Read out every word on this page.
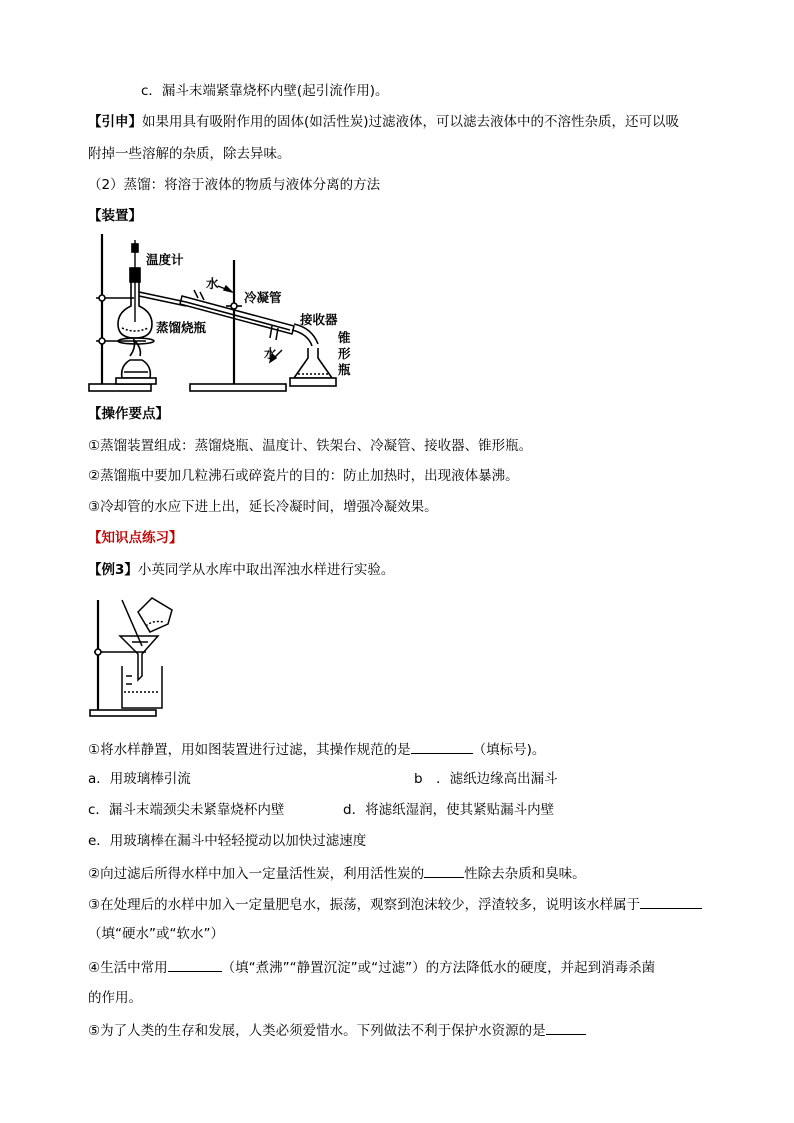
c．漏斗末端紧靠烧杯内壁(起引流作用)。
【引申】如果用具有吸附作用的固体(如活性炭)过滤液体，可以滤去液体中的不溶性杂质，还可以吸
附掉一些溶解的杂质，除去异味。
（2）蒸馏：将溶于液体的物质与液体分离的方法
【装置】
温度计
水
冷凝管
蒸馏烧瓶
接收器
水
锥
形
瓶
【操作要点】
①蒸馏装置组成：蒸馏烧瓶、温度计、铁架台、冷凝管、接收器、锥形瓶。
②蒸馏瓶中要加几粒沸石或碎瓷片的目的：防止加热时，出现液体暴沸。
③冷却管的水应下进上出，延长冷凝时间，增强冷凝效果。
【知识点练习】
【例3】小英同学从水库中取出浑浊水样进行实验。
①将水样静置，用如图装置进行过滤，其操作规范的是	（填标号)。
a．用玻璃棒引流	b　．滤纸边缘高出漏斗
c．漏斗末端颈尖未紧靠烧杯内壁	d．将滤纸湿润，使其紧贴漏斗内壁
e．用玻璃棒在漏斗中轻轻搅动以加快过滤速度
②向过滤后所得水样中加入一定量活性炭，利用活性炭的	性除去杂质和臭味。
③在处理后的水样中加入一定量肥皂水，振荡，观察到泡沫较少，浮渣较多，说明该水样属于
（填“硬水”或“软水”）
④生活中常用	（填“煮沸”“静置沉淀”或“过滤”）的方法降低水的硬度，并起到消毒杀菌
的作用。
⑤为了人类的生存和发展，人类必须爱惜水。下列做法不利于保护水资源的是
